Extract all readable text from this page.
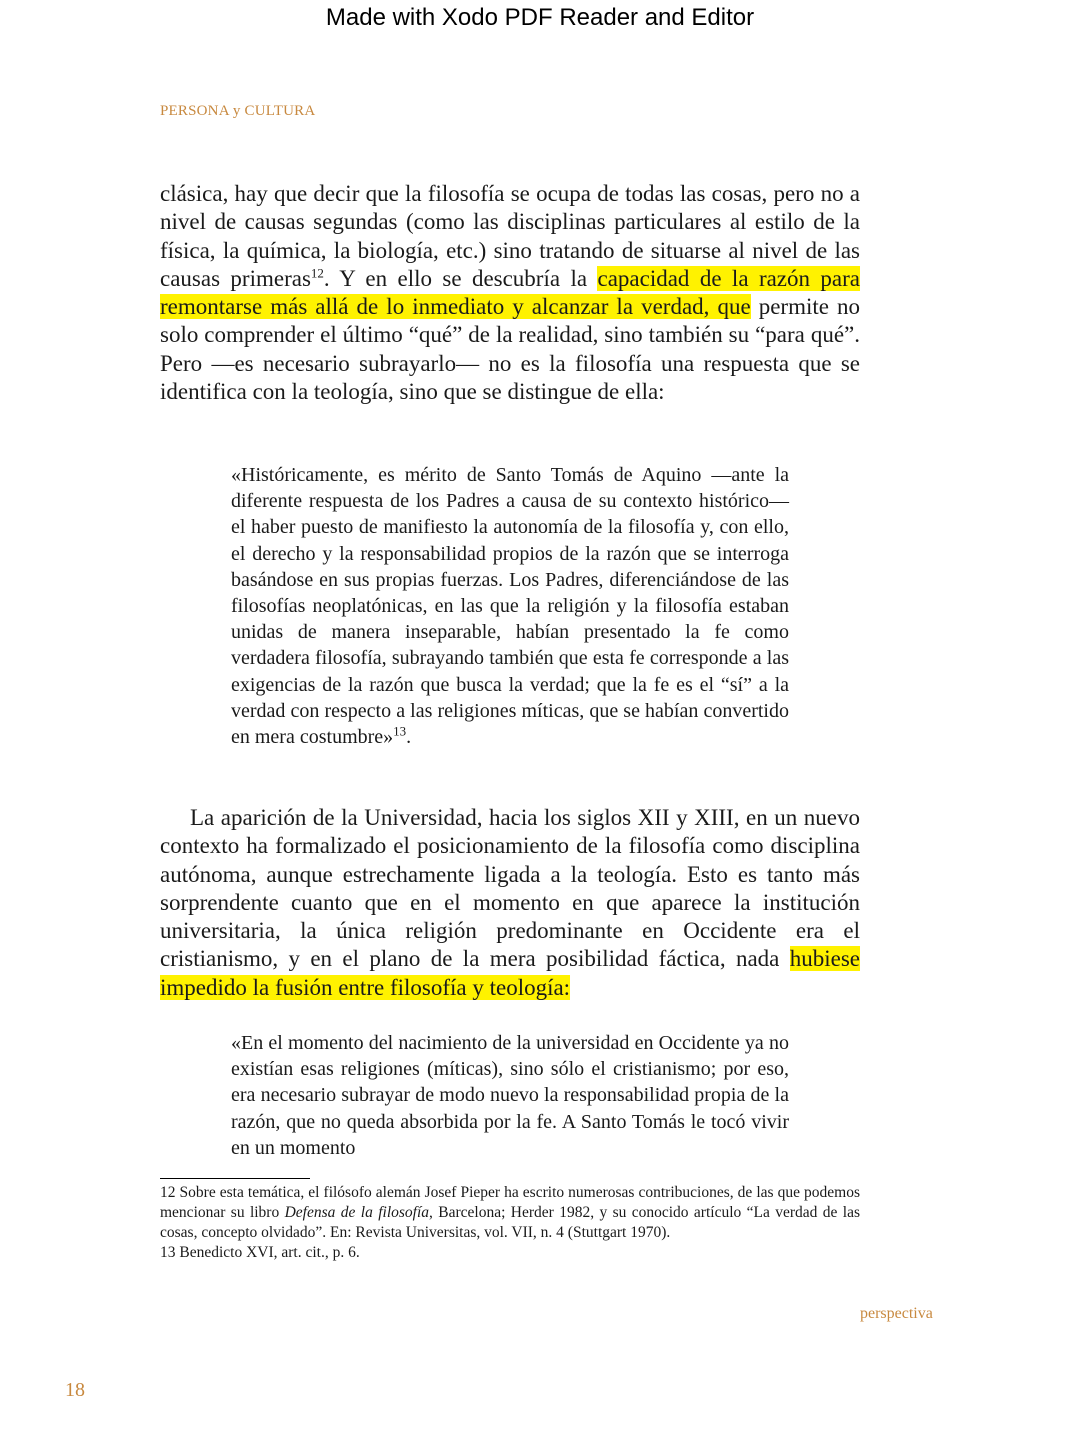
Made with Xodo PDF Reader and Editor
PERSONA y CULTURA

clásica, hay que decir que la filosofía se ocupa de todas las cosas, pero no a nivel de causas segundas (como las disciplinas particulares al estilo de la física, la química, la biología, etc.) sino tratando de situarse al nivel de las causas primeras$^{12}$. Y en ello se descubría la capacidad de la razón para remontarse más allá de lo inmediato y alcanzar la verdad, que permite no solo comprender el último “qué” de la realidad, sino también su “para qué”. Pero —es necesario subrayarlo— no es la filosofía una respuesta que se identifica con la teología, sino que se distingue de ella:

«Históricamente, es mérito de Santo Tomás de Aquino —ante la diferente respuesta de los Padres a causa de su contexto histórico— el haber puesto de manifiesto la autonomía de la filosofía y, con ello, el derecho y la responsabilidad propios de la razón que se interroga basándose en sus propias fuerzas. Los Padres, diferenciándose de las filosofías neoplatónicas, en las que la religión y la filosofía estaban unidas de manera inseparable, habían presentado la fe como verdadera filosofía, subrayando también que esta fe corresponde a las exigencias de la razón que busca la verdad; que la fe es el “sí” a la verdad con respecto a las religiones míticas, que se habían convertido en mera costumbre»$^{13}$.

La aparición de la Universidad, hacia los siglos XII y XIII, en un nuevo contexto ha formalizado el posicionamiento de la filosofía como disciplina autónoma, aunque estrechamente ligada a la teología. Esto es tanto más sorprendente cuanto que en el momento en que aparece la institución universitaria, la única religión predominante en Occidente era el cristianismo, y en el plano de la mera posibilidad fáctica, nada hubiese impedido la fusión entre filosofía y teología:

«En el momento del nacimiento de la universidad en Occidente ya no existían esas religiones (míticas), sino sólo el cristianismo; por eso, era necesario subrayar de modo nuevo la responsabilidad propia de la razón, que no queda absorbida por la fe. A Santo Tomás le tocó vivir en un momento

12 Sobre esta temática, el filósofo alemán Josef Pieper ha escrito numerosas contribuciones, de las que podemos mencionar su libro Defensa de la filosofía, Barcelona; Herder 1982, y su conocido artículo “La verdad de las cosas, concepto olvidado”. En: Revista Universitas, vol. VII, n. 4 (Stuttgart 1970).

13 Benedicto XVI, art. cit., p. 6.

perspectiva
18
